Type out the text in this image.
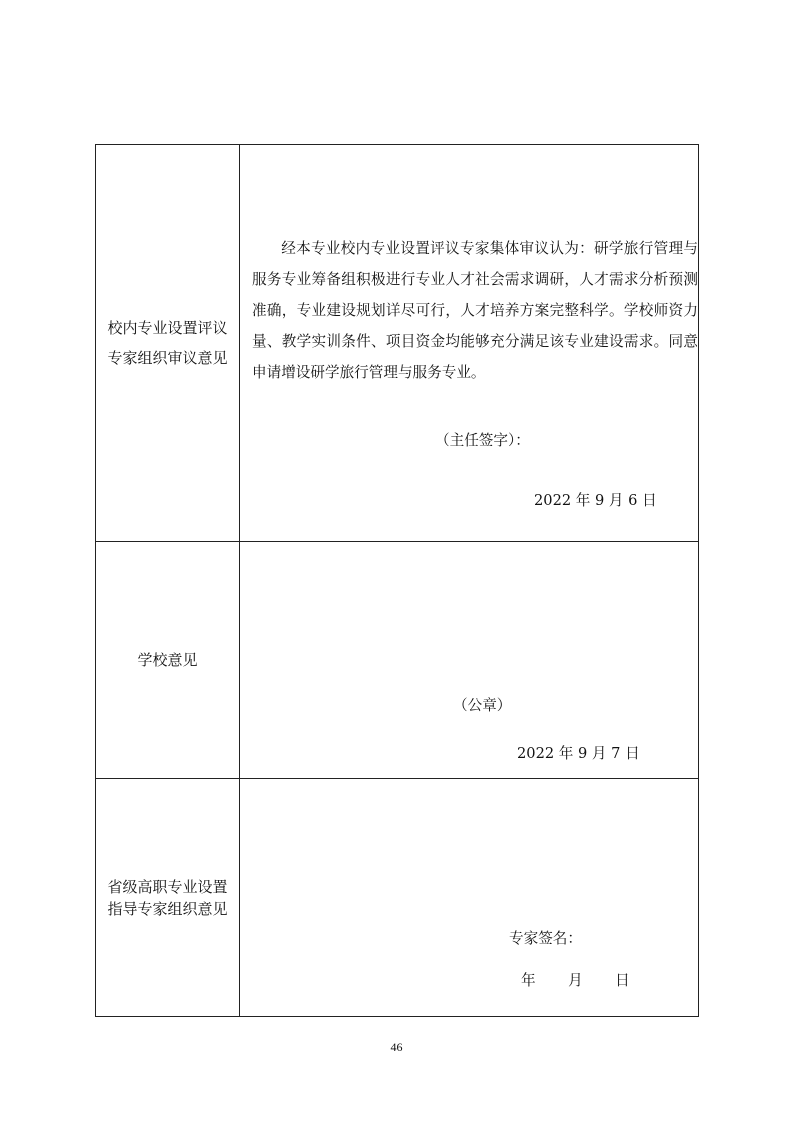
校内专业设置评议
专家组织审议意见

经本专业校内专业设置评议专家集体审议认为：研学旅行管理与服务专业筹备组积极进行专业人才社会需求调研，人才需求分析预测准确，专业建设规划详尽可行，人才培养方案完整科学。学校师资力量、教学实训条件、项目资金均能够充分满足该专业建设需求。同意申请增设研学旅行管理与服务专业。

（主任签字）：
2022 年 9 月 6 日
学校意见
（公章）
2022 年 9 月 7 日
省级高职专业设置
指导专家组织意见
专家签名：
年       月       日
46
